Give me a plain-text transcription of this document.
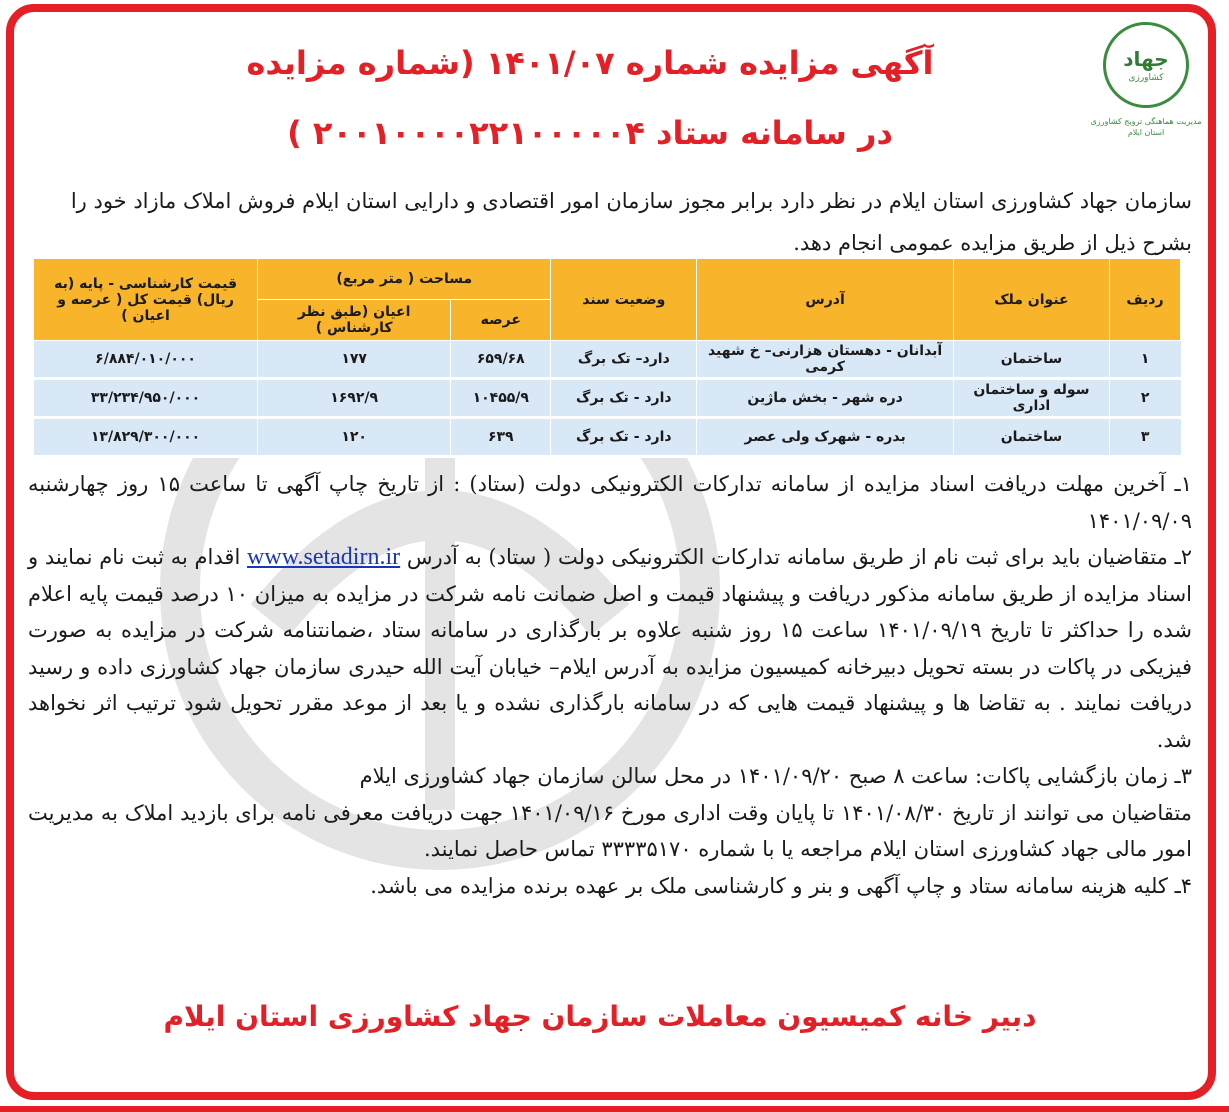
جهاد
کشاورزی
مدیریت هماهنگی ترویج کشاورزی استان ایلام
آگهی مزایده شماره ۱۴۰۱/۰۷ (شماره مزایده
در سامانه ستاد ۲۰۰۱۰۰۰۰۲۲۱۰۰۰۰۰۴ )
سازمان جهاد کشاورزی استان ایلام در نظر دارد برابر مجوز سازمان امور اقتصادی و دارایی استان ایلام فروش املاک مازاد خود را بشرح ذیل از طریق مزایده عمومی انجام دهد.
ردیف	عنوان ملک	آدرس	وضعیت سند	مساحت ( متر مربع)		قیمت کارشناسی - پایه (به ریال) قیمت کل ( عرصه و اعیان )
				عرصه	اعیان (طبق نظر کارشناس )	
۱	ساختمان	آبدانان - دهستان هزارنی– خ شهید کرمی	دارد– تک برگ	۶۵۹/۶۸	۱۷۷	۶/۸۸۴/۰۱۰/۰۰۰
۲	سوله و ساختمان اداری	دره شهر - بخش ماژین	دارد - تک برگ	۱۰۴۵۵/۹	۱۶۹۲/۹	۳۳/۲۳۴/۹۵۰/۰۰۰
۳	ساختمان	بدره - شهرک ولی عصر	دارد - تک برگ	۶۳۹	۱۲۰	۱۳/۸۲۹/۳۰۰/۰۰۰

۱ـ آخرین مهلت دریافت اسناد مزایده از سامانه تدارکات الکترونیکی دولت (ستاد) : از تاریخ چاپ آگهی تا ساعت ۱۵ روز چهارشنبه ۱۴۰۱/۰۹/۰۹

۲ـ متقاضیان باید برای ثبت نام از طریق سامانه تدارکات الکترونیکی دولت ( ستاد) به آدرس www.setadirn.ir اقدام به ثبت نام نمایند و اسناد مزایده از طریق سامانه مذکور دریافت و پیشنهاد قیمت و اصل ضمانت نامه شرکت در مزایده به میزان ۱۰ درصد قیمت پایه اعلام شده را حداکثر تا تاریخ ۱۴۰۱/۰۹/۱۹ ساعت ۱۵ روز شنبه علاوه بر بارگذاری در سامانه ستاد ،ضمانتنامه شرکت در مزایده به صورت فیزیکی در پاکات در بسته تحویل دبیرخانه کمیسیون مزایده به آدرس ایلام– خیابان آیت الله حیدری سازمان جهاد کشاورزی داده و رسید دریافت نمایند . به تقاضا ها و پیشنهاد قیمت هایی که در سامانه بارگذاری نشده و یا بعد از موعد مقرر تحویل شود ترتیب اثر نخواهد شد.

۳ـ زمان بازگشایی پاکات: ساعت ۸ صبح ۱۴۰۱/۰۹/۲۰ در محل سالن سازمان جهاد کشاورزی ایلام

متقاضیان می توانند از تاریخ ۱۴۰۱/۰۸/۳۰ تا پایان وقت اداری مورخ ۱۴۰۱/۰۹/۱۶ جهت دریافت معرفی نامه برای بازدید املاک به مدیریت امور مالی جهاد کشاورزی استان ایلام مراجعه یا با شماره ۳۳۳۳۵۱۷۰ تماس حاصل نمایند.

۴ـ کلیه هزینه سامانه ستاد و چاپ آگهی و بنر و کارشناسی ملک بر عهده برنده مزایده می باشد.

دبیر خانه کمیسیون معاملات سازمان جهاد کشاورزی استان ایلام
